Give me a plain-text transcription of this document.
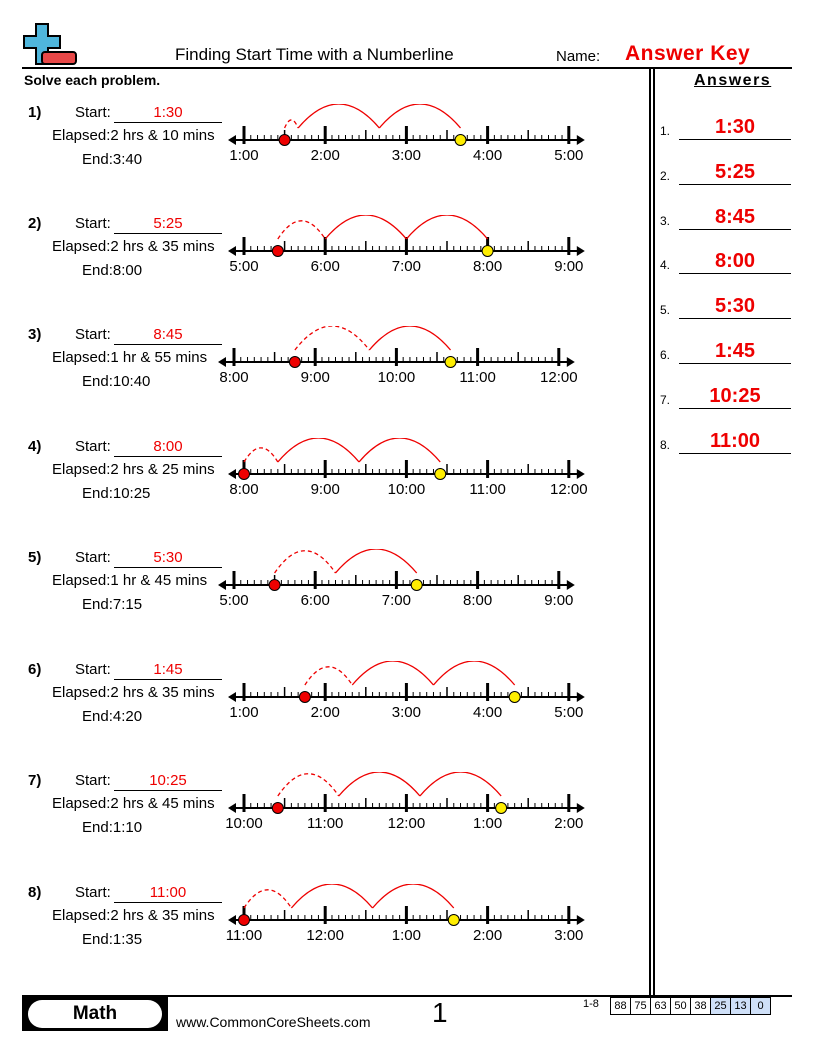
Finding Start Time with a Numberline	Name: Answer Key
Solve each problem.	Answers
1) Start:	1:30
Elapsed:2 hrs & 10 mins
End:3:40	1:00	2:00	3:00	4:00	5:00
2) Start:	5:25
Elapsed:2 hrs & 35 mins
End:8:00	5:00	6:00	7:00	8:00	9:00
3) Start:	8:45
Elapsed:1 hr & 55 mins
End:10:40	8:00	9:00	10:00	11:00	12:00
4) Start:	8:00
Elapsed:2 hrs & 25 mins
End:10:25	8:00	9:00	10:00	11:00	12:00
5) Start:	5:30
Elapsed:1 hr & 45 mins
End:7:15	5:00	6:00	7:00	8:00	9:00
6) Start:	1:45
Elapsed:2 hrs & 35 mins
End:4:20	1:00	2:00	3:00	4:00	5:00
7) Start:	10:25
Elapsed:2 hrs & 45 mins
End:1:10	10:00	11:00	12:00	1:00	2:00
8) Start:	11:00
Elapsed:2 hrs & 35 mins
End:1:35	11:00	12:00	1:00	2:00	3:00
1.	1:30
2.	5:25
3.	8:45
4.	8:00
5.	5:30
6.	1:45
7.	10:25
8.	11:00
Math	www.CommonCoreSheets.com 1	1-8	88 75 63 50 38 25 13 0
